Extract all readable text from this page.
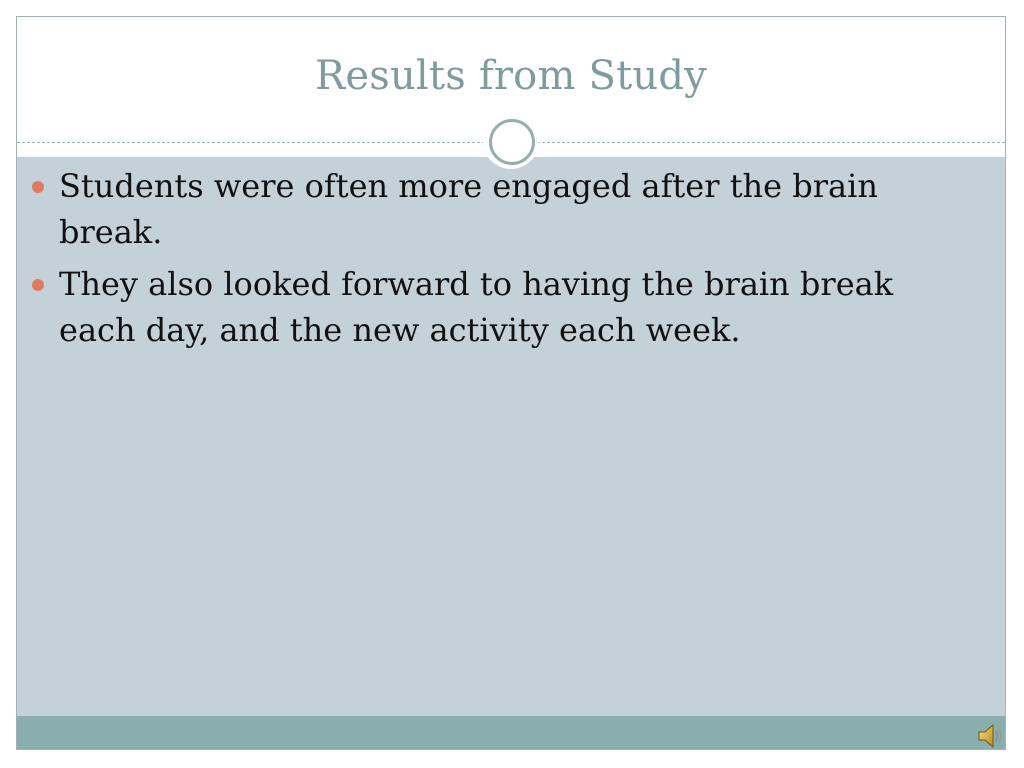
Results from Study
Students were often more engaged after the brain break.
They also looked forward to having the brain break each day, and the new activity each week.
